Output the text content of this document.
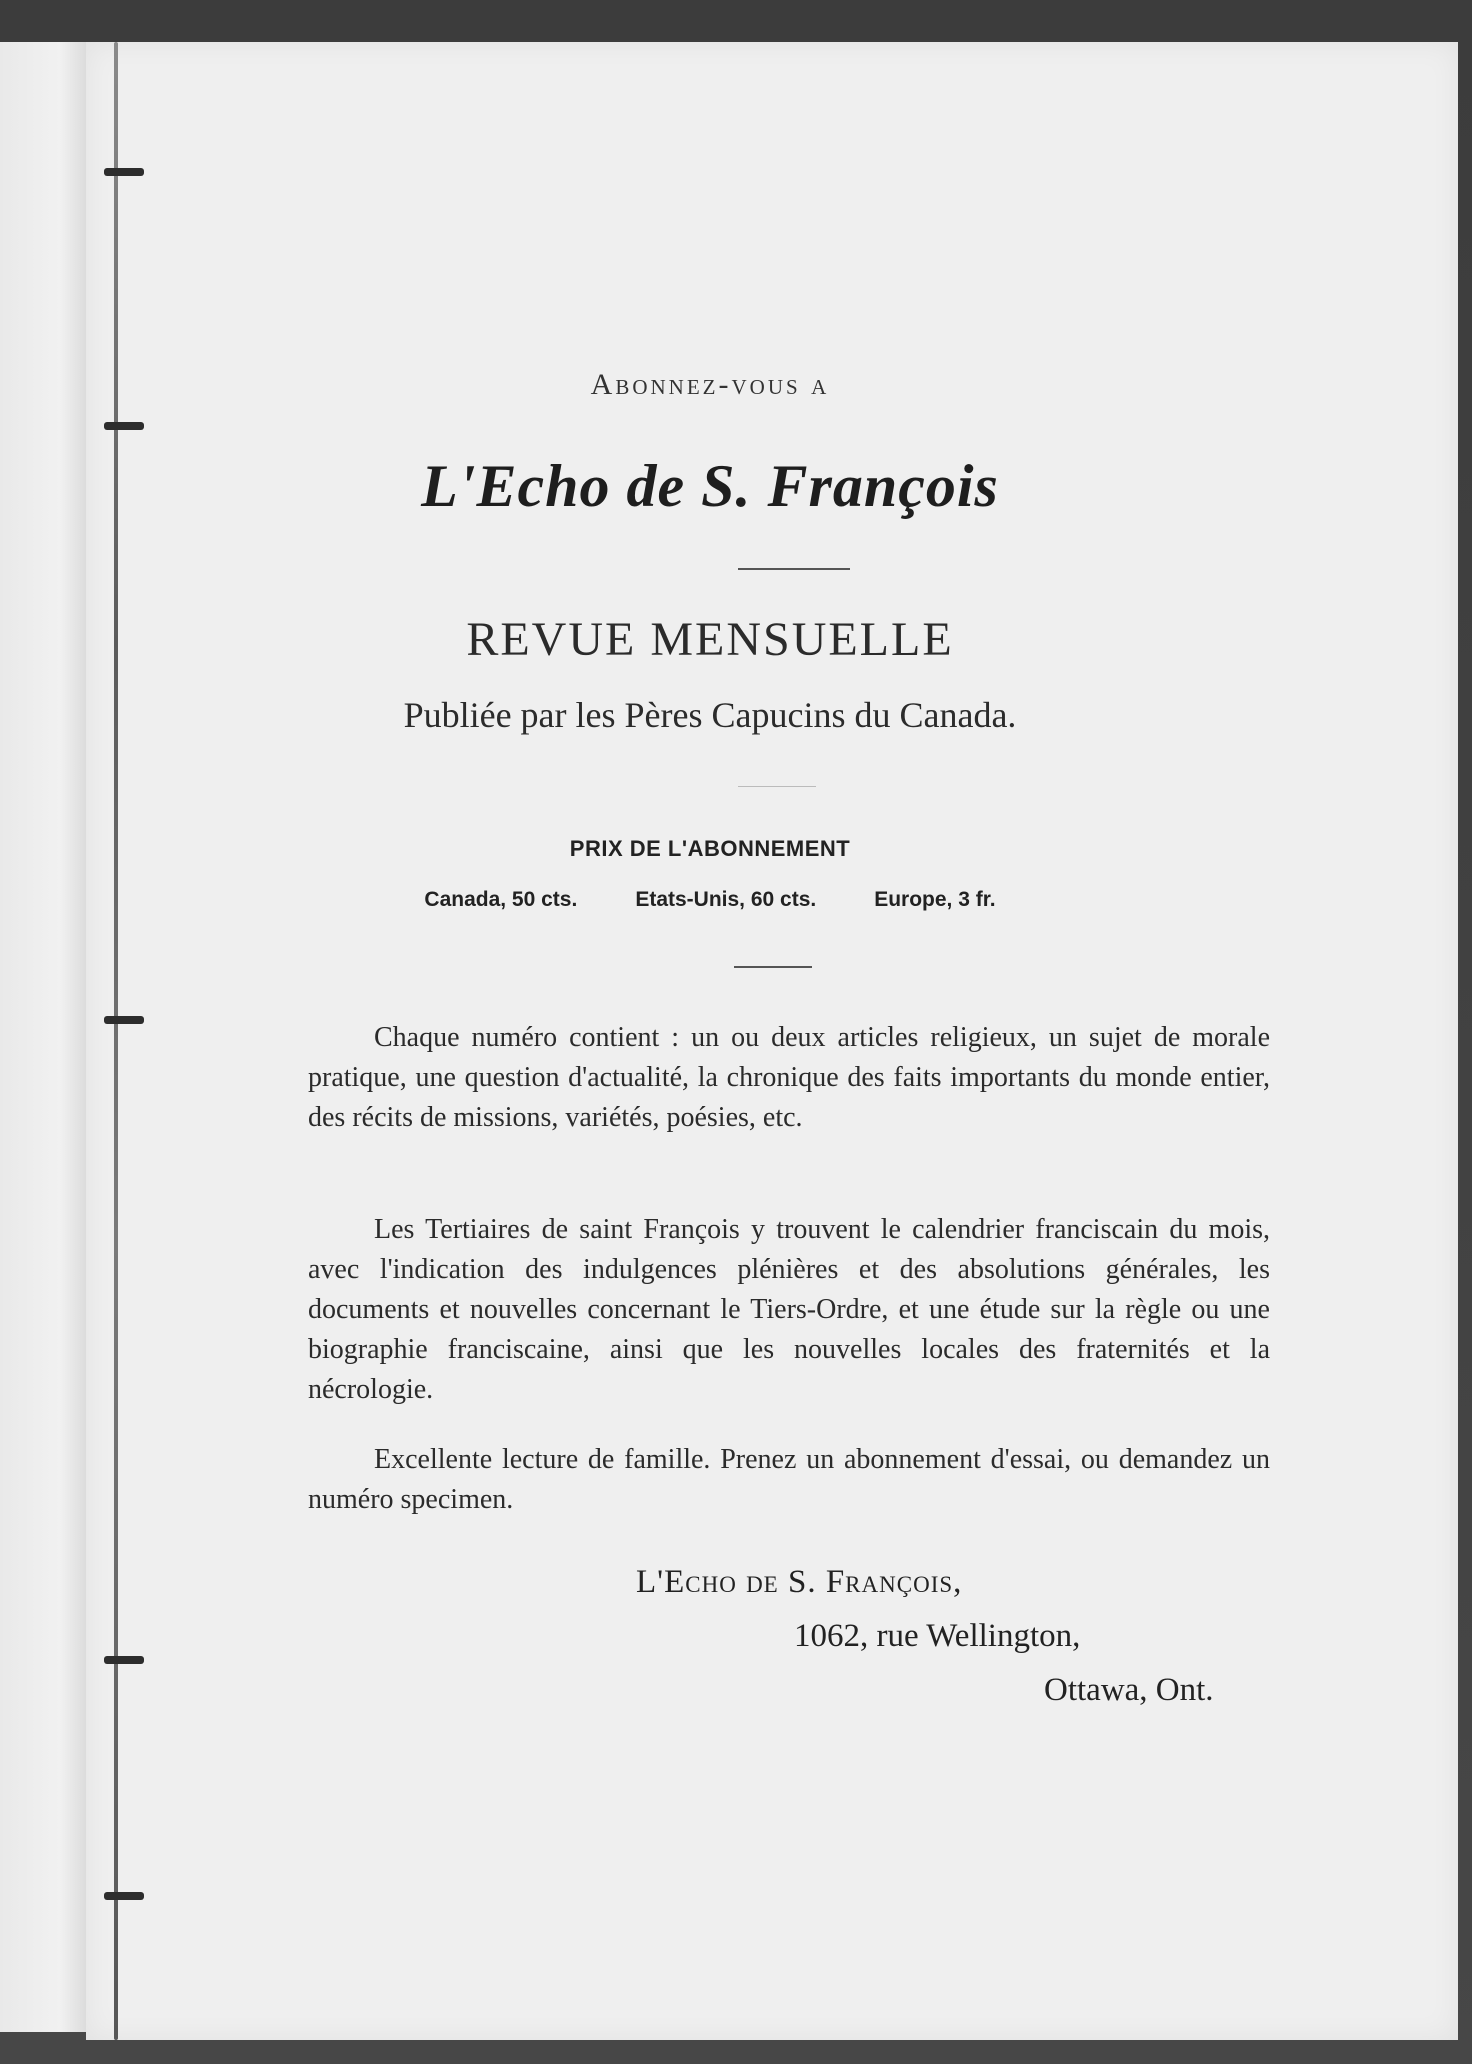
Abonnez-vous a
L'Echo de S. François
REVUE MENSUELLE
Publiée par les Pères Capucins du Canada.
PRIX DE L'ABONNEMENT
Canada, 50 cts.	Etats-Unis, 60 cts.	Europe, 3 fr.

Chaque numéro contient : un ou deux articles religieux, un sujet de morale pratique, une question d'actualité, la chronique des faits importants du monde entier, des récits de missions, variétés, poésies, etc.

Les Tertiaires de saint François y trouvent le calendrier franciscain du mois, avec l'indication des indulgences plénières et des absolutions générales, les documents et nouvelles concernant le Tiers-Ordre, et une étude sur la règle ou une biographie franciscaine, ainsi que les nouvelles locales des fraternités et la nécrologie.

Excellente lecture de famille. Prenez un abonnement d'essai, ou demandez un numéro specimen.

L'Echo de S. François,
1062, rue Wellington,
Ottawa, Ont.
